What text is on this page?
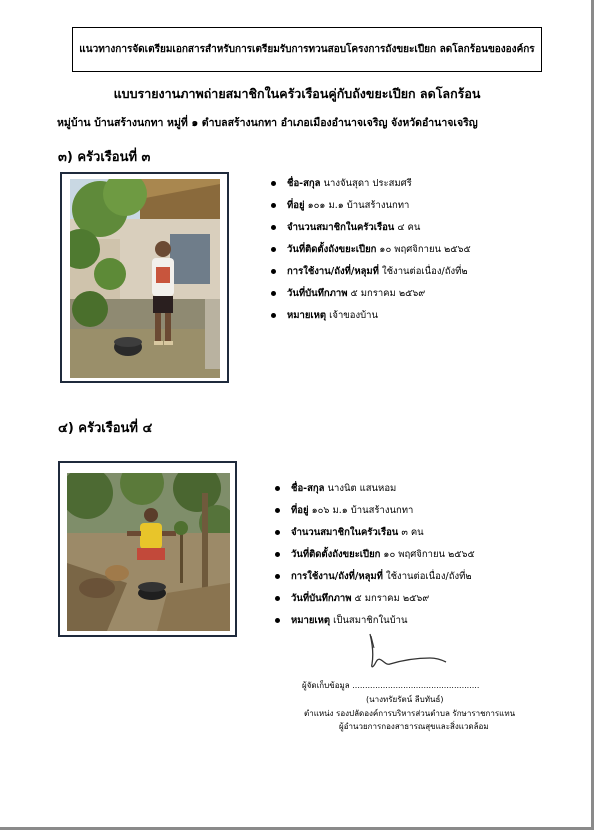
แนวทางการจัดเตรียมเอกสารสำหรับการเตรียมรับการทวนสอบโครงการถังขยะเปียก ลดโลกร้อนขององค์กร
แบบรายงานภาพถ่ายสมาชิกในครัวเรือนคู่กับถังขยะเปียก ลดโลกร้อน
หมู่บ้าน บ้านสร้างนกทา หมู่ที่ ๑ ตำบลสร้างนกทา อำเภอเมืองอำนาจเจริญ จังหวัดอำนาจเจริญ
๓) ครัวเรือนที่ ๓
ชื่อ-สกุล นางจันสุดา ประสมศรี
ที่อยู่ ๑๐๑ ม.๑ บ้านสร้างนกทา
จำนวนสมาชิกในครัวเรือน ๔ คน
วันที่ติดตั้งถังขยะเปียก ๑๐ พฤศจิกายน ๒๕๖๕
การใช้งาน/ถังที่/หลุมที่ ใช้งานต่อเนื่อง/ถังที่๒
วันที่บันทึกภาพ ๕ มกราคม ๒๕๖๙
หมายเหตุ เจ้าของบ้าน
๔) ครัวเรือนที่ ๔
ชื่อ-สกุล นางนิต แสนหอม
ที่อยู่ ๑๐๖ ม.๑ บ้านสร้างนกทา
จำนวนสมาชิกในครัวเรือน ๓ คน
วันที่ติดตั้งถังขยะเปียก ๑๐ พฤศจิกายน ๒๕๖๕
การใช้งาน/ถังที่/หลุมที่ ใช้งานต่อเนื่อง/ถังที่๒
วันที่บันทึกภาพ ๕ มกราคม ๒๕๖๙
หมายเหตุ เป็นสมาชิกในบ้าน
ผู้จัดเก็บข้อมูล ..................................................
(นางทรัยรัตน์ ลีบทันธ์)
ตำแหน่ง รองปลัดองค์การบริหารส่วนตำบล รักษาราชการแทน
ผู้อำนวยการกองสาธารณสุขและสิ่งแวดล้อม
